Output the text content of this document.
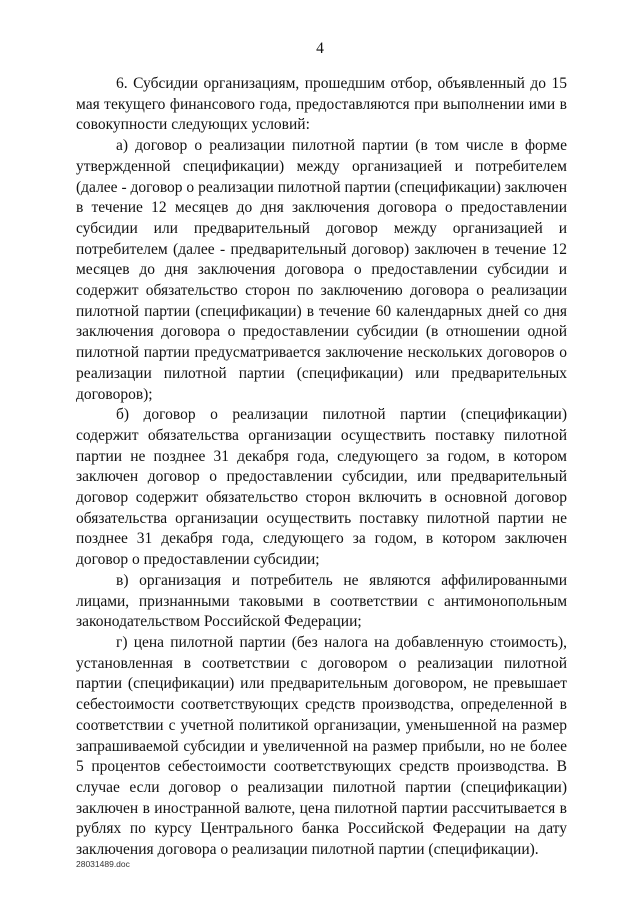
4

6. Субсидии организациям, прошедшим отбор, объявленный до 15 мая текущего финансового года, предоставляются при выполнении ими в совокупности следующих условий:

а) договор о реализации пилотной партии (в том числе в форме утвержденной спецификации) между организацией и потребителем (далее - договор о реализации пилотной партии (спецификации) заключен в течение 12 месяцев до дня заключения договора о предоставлении субсидии или предварительный договор между организацией и потребителем (далее - предварительный договор) заключен в течение 12 месяцев до дня заключения договора о предоставлении субсидии и содержит обязательство сторон по заключению договора о реализации пилотной партии (спецификации) в течение 60 календарных дней со дня заключения договора о предоставлении субсидии (в отношении одной пилотной партии предусматривается заключение нескольких договоров о реализации пилотной партии (спецификации) или предварительных договоров);

б) договор о реализации пилотной партии (спецификации) содержит обязательства организации осуществить поставку пилотной партии не позднее 31 декабря года, следующего за годом, в котором заключен договор о предоставлении субсидии, или предварительный договор содержит обязательство сторон включить в основной договор обязательства организации осуществить поставку пилотной партии не позднее 31 декабря года, следующего за годом, в котором заключен договор о предоставлении субсидии;

в) организация и потребитель не являются аффилированными лицами, признанными таковыми в соответствии с антимонопольным законодательством Российской Федерации;

г) цена пилотной партии (без налога на добавленную стоимость), установленная в соответствии с договором о реализации пилотной партии (спецификации) или предварительным договором, не превышает себестоимости соответствующих средств производства, определенной в соответствии с учетной политикой организации, уменьшенной на размер запрашиваемой субсидии и увеличенной на размер прибыли, но не более 5 процентов себестоимости соответствующих средств производства. В случае если договор о реализации пилотной партии (спецификации) заключен в иностранной валюте, цена пилотной партии рассчитывается в рублях по курсу Центрального банка Российской Федерации на дату заключения договора о реализации пилотной партии (спецификации).

28031489.doc
